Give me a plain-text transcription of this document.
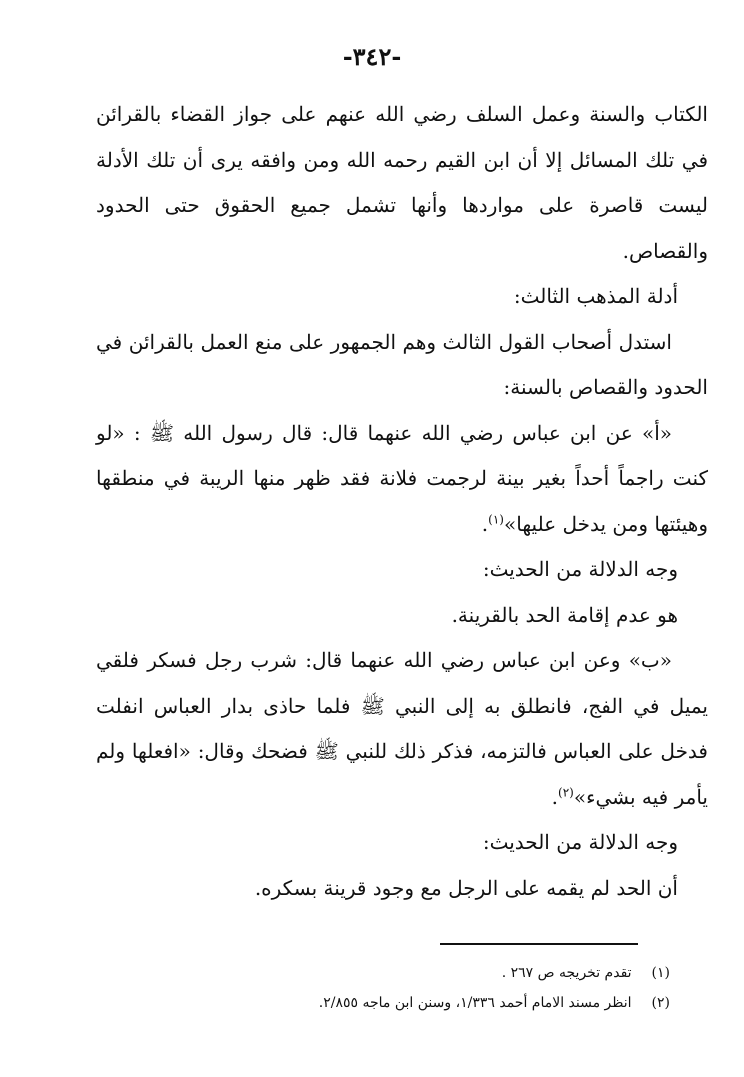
-٣٤٢-

الكتاب والسنة وعمل السلف رضي الله عنهم على جواز القضاء بالقرائن في تلك المسائل إلا أن ابن القيم رحمه الله ومن وافقه يرى أن تلك الأدلة ليست قاصرة على مواردها وأنها تشمل جميع الحقوق حتى الحدود والقصاص.

أدلة المذهب الثالث:

استدل أصحاب القول الثالث وهم الجمهور على منع العمل بالقرائن في الحدود والقصاص بالسنة:

«أ» عن ابن عباس رضي الله عنهما قال: قال رسول الله ﷺ : «لو كنت راجماً أحداً بغير بينة لرجمت فلانة فقد ظهر منها الريبة في منطقها وهيئتها ومن يدخل عليها»$^{(١)}$.

وجه الدلالة من الحديث:

هو عدم إقامة الحد بالقرينة.

«ب» وعن ابن عباس رضي الله عنهما قال: شرب رجل فسكر فلقي يميل في الفج، فانطلق به إلى النبي ﷺ فلما حاذى بدار العباس انفلت فدخل على العباس فالتزمه، فذكر ذلك للنبي ﷺ فضحك وقال: «افعلها ولم يأمر فيه بشيء»$^{(٢)}$.

وجه الدلالة من الحديث:

أن الحد لم يقمه على الرجل مع وجود قرينة بسكره.

(١) تقدم تخريجه ص ٢٦٧ .

(٢) انظر مسند الامام أحمد ١/٣٣٦، وسنن ابن ماجه ٢/٨٥٥.
